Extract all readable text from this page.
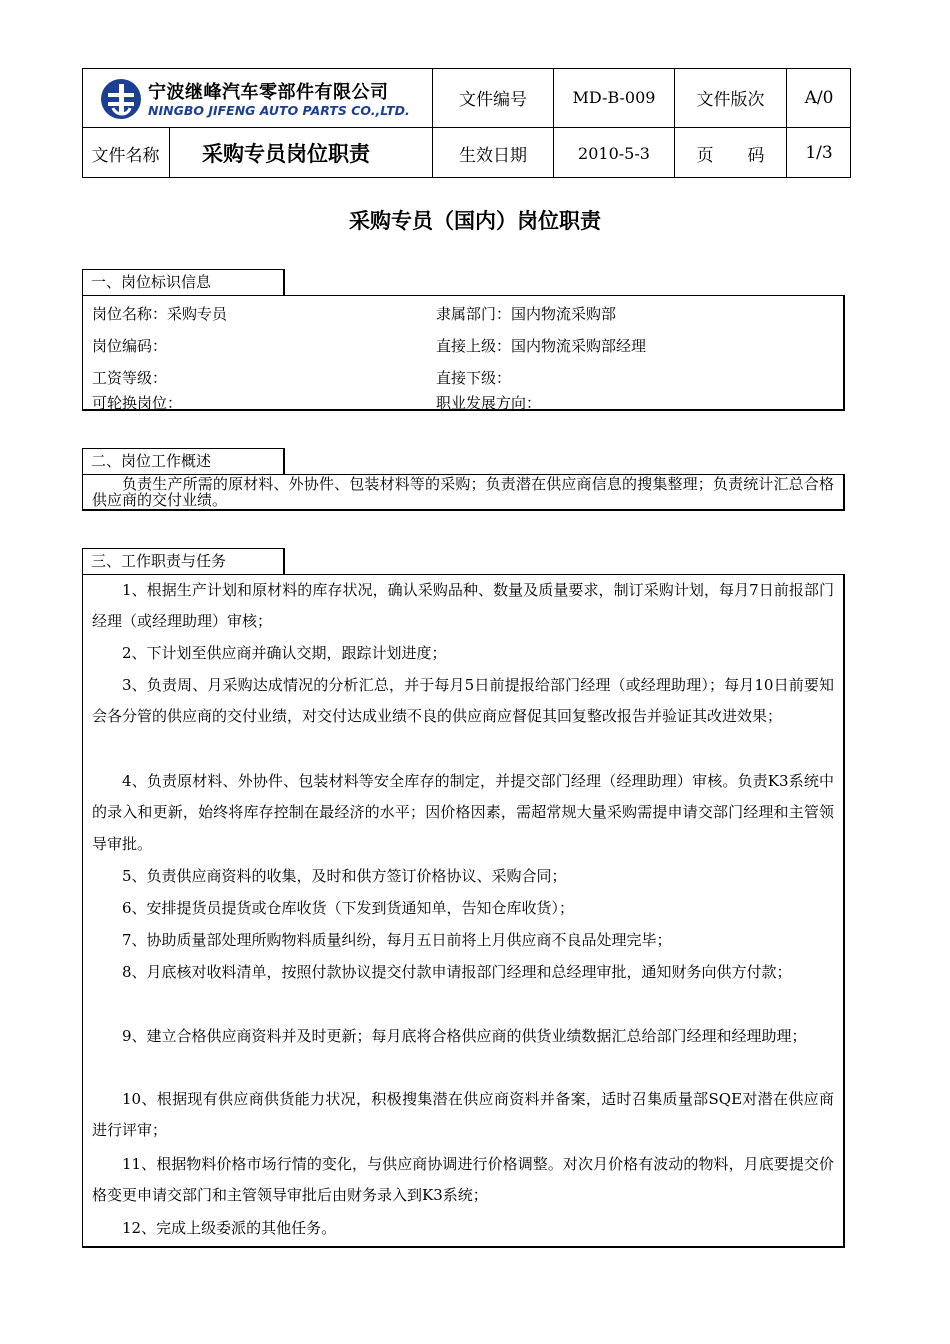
宁波继峰汽车零部件有限公司
NINGBO JIFENG AUTO PARTS CO.,LTD.
文件编号	MD-B-009	文件版次	A/0
文件名称	采购专员岗位职责	生效日期	2010-5-3	页　　码	1/3
采购专员（国内）岗位职责
一、岗位标识信息
岗位名称：采购专员	隶属部门：国内物流采购部
岗位编码：	直接上级：国内物流采购部经理
工资等级：	直接下级：
可轮换岗位：	职业发展方向：
二、岗位工作概述
负责生产所需的原材料、外协件、包装材料等的采购；负责潜在供应商信息的搜集整理；负责统计汇总合格供应商的交付业绩。
三、工作职责与任务
1、根据生产计划和原材料的库存状况，确认采购品种、数量及质量要求，制订采购计划，每月7日前报部门经理（或经理助理）审核；
2、下计划至供应商并确认交期，跟踪计划进度；
3、负责周、月采购达成情况的分析汇总，并于每月5日前提报给部门经理（或经理助理）；每月10日前要知会各分管的供应商的交付业绩，对交付达成业绩不良的供应商应督促其回复整改报告并验证其改进效果；
4、负责原材料、外协件、包装材料等安全库存的制定，并提交部门经理（经理助理）审核。负责K3系统中的录入和更新，始终将库存控制在最经济的水平；因价格因素，需超常规大量采购需提申请交部门经理和主管领导审批。
5、负责供应商资料的收集，及时和供方签订价格协议、采购合同；
6、安排提货员提货或仓库收货（下发到货通知单，告知仓库收货）；
7、协助质量部处理所购物料质量纠纷，每月五日前将上月供应商不良品处理完毕；
8、月底核对收料清单，按照付款协议提交付款申请报部门经理和总经理审批，通知财务向供方付款；
9、建立合格供应商资料并及时更新；每月底将合格供应商的供货业绩数据汇总给部门经理和经理助理；
10、根据现有供应商供货能力状况，积极搜集潜在供应商资料并备案，适时召集质量部SQE对潜在供应商进行评审；
11、根据物料价格市场行情的变化，与供应商协调进行价格调整。对次月价格有波动的物料，月底要提交价格变更申请交部门和主管领导审批后由财务录入到K3系统；
12、完成上级委派的其他任务。
